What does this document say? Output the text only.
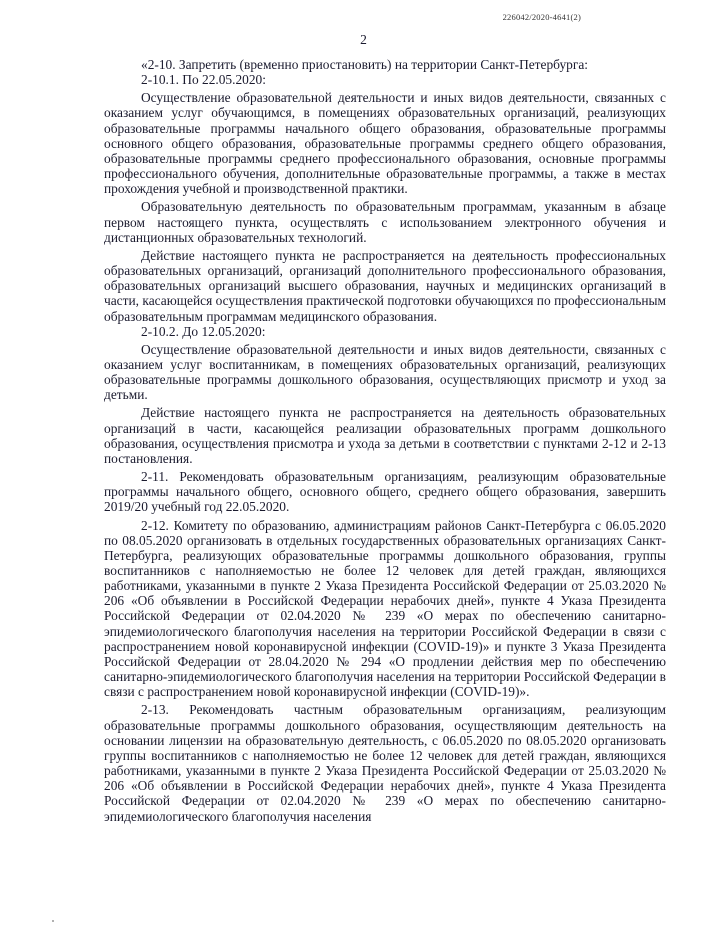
226042/2020-4641(2)
2

«2-10. Запретить (временно приостановить) на территории Санкт-Петербурга:

2-10.1. По 22.05.2020:

Осуществление образовательной деятельности и иных видов деятельности, связанных с оказанием услуг обучающимся, в помещениях образовательных организаций, реализующих образовательные программы начального общего образования, образовательные программы основного общего образования, образовательные программы среднего общего образования, образовательные программы среднего профессионального образования, основные программы профессионального обучения, дополнительные образовательные программы, а также в местах прохождения учебной и производственной практики.

Образовательную деятельность по образовательным программам, указанным в абзаце первом настоящего пункта, осуществлять с использованием электронного обучения и дистанционных образовательных технологий.

Действие настоящего пункта не распространяется на деятельность профессиональных образовательных организаций, организаций дополнительного профессионального образования, образовательных организаций высшего образования, научных и медицинских организаций в части, касающейся осуществления практической подготовки обучающихся по профессиональным образовательным программам медицинского образования.

2-10.2. До 12.05.2020:

Осуществление образовательной деятельности и иных видов деятельности, связанных с оказанием услуг воспитанникам, в помещениях образовательных организаций, реализующих образовательные программы дошкольного образования, осуществляющих присмотр и уход за детьми.

Действие настоящего пункта не распространяется на деятельность образовательных организаций в части, касающейся реализации образовательных программ дошкольного образования, осуществления присмотра и ухода за детьми в соответствии с пунктами 2-12 и 2-13 постановления.

2-11. Рекомендовать образовательным организациям, реализующим образовательные программы начального общего, основного общего, среднего общего образования, завершить 2019/20 учебный год 22.05.2020.

2-12. Комитету по образованию, администрациям районов Санкт-Петербурга с 06.05.2020 по 08.05.2020 организовать в отдельных государственных образовательных организациях Санкт-Петербурга, реализующих образовательные программы дошкольного образования, группы воспитанников с наполняемостью не более 12 человек для детей граждан, являющихся работниками, указанными в пункте 2 Указа Президента Российской Федерации от 25.03.2020 № 206 «Об объявлении в Российской Федерации нерабочих дней», пункте 4 Указа Президента Российской Федерации от 02.04.2020 № 239 «О мерах по обеспечению санитарно-эпидемиологического благополучия населения на территории Российской Федерации в связи с распространением новой коронавирусной инфекции (COVID-19)» и пункте 3 Указа Президента Российской Федерации от 28.04.2020 № 294 «О продлении действия мер по обеспечению санитарно-эпидемиологического благополучия населения на территории Российской Федерации в связи с распространением новой коронавирусной инфекции (COVID-19)».

2-13. Рекомендовать частным образовательным организациям, реализующим образовательные программы дошкольного образования, осуществляющим деятельность на основании лицензии на образовательную деятельность, с 06.05.2020 по 08.05.2020 организовать группы воспитанников с наполняемостью не более 12 человек для детей граждан, являющихся работниками, указанными в пункте 2 Указа Президента Российской Федерации от 25.03.2020 № 206 «Об объявлении в Российской Федерации нерабочих дней», пункте 4 Указа Президента Российской Федерации от 02.04.2020 № 239 «О мерах по обеспечению санитарно-эпидемиологического благополучия населения
